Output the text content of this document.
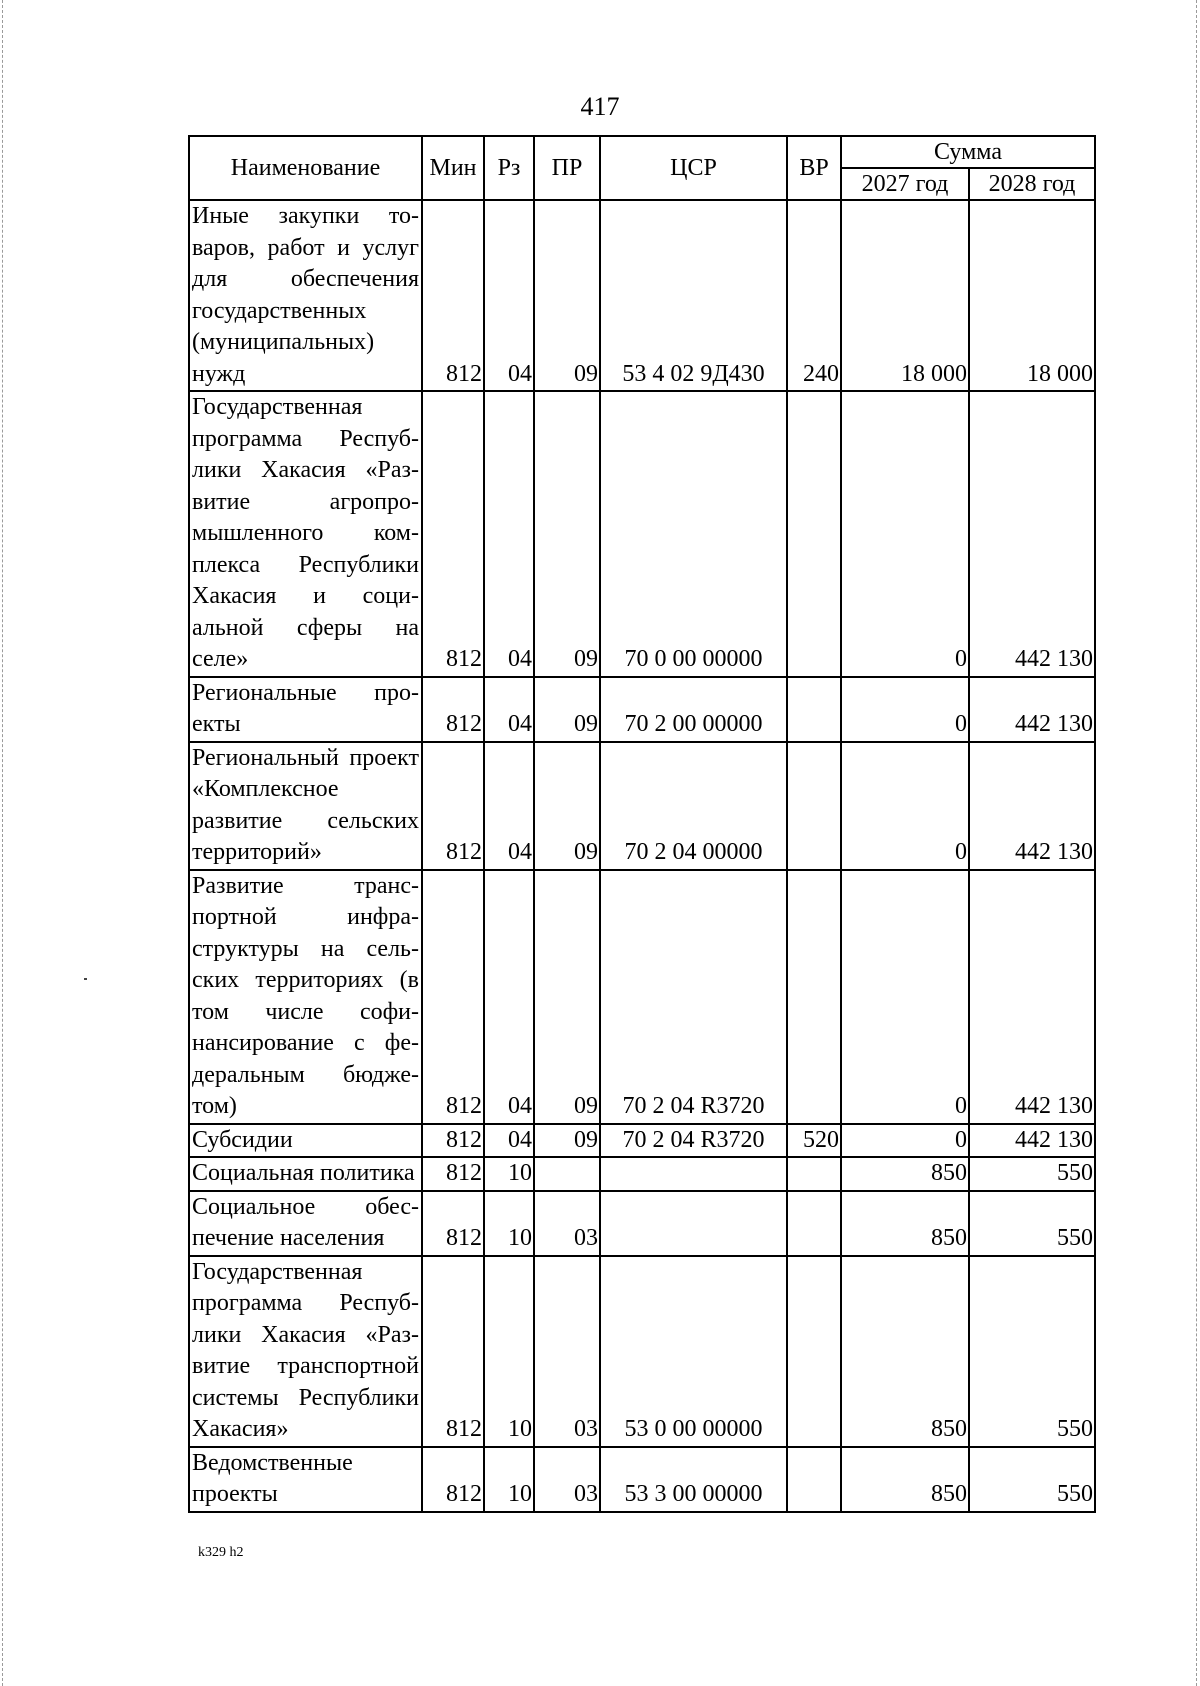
417
Наименование	Мин	Рз	ПР	ЦСР	ВР	Сумма	
						2027 год	2028 год
Иные закупки товаров, работ и услуг для обеспечения государственных (муниципальных) нужд	812	04	09	53 4 02 9Д430	240	18 000	18 000
Государственная программа Республики Хакасия «Развитие агропромышленного комплекса Республики Хакасия и социальной сферы на селе»	812	04	09	70 0 00 00000		0	442 130
Региональные проекты	812	04	09	70 2 00 00000		0	442 130
Региональный проект «Комплексное развитие сельских территорий»	812	04	09	70 2 04 00000		0	442 130
Развитие транспортной инфраструктуры на сельских территориях (в том числе софинансирование с федеральным бюджетом)	812	04	09	70 2 04 R3720		0	442 130
Субсидии	812	04	09	70 2 04 R3720	520	0	442 130
Социальная политика	812	10				850	550
Социальное обеспечение населения	812	10	03			850	550
Государственная программа Республики Хакасия «Развитие транспортной системы Республики Хакасия»	812	10	03	53 0 00 00000		850	550
Ведомственные проекты	812	10	03	53 3 00 00000		850	550
k329 h2
